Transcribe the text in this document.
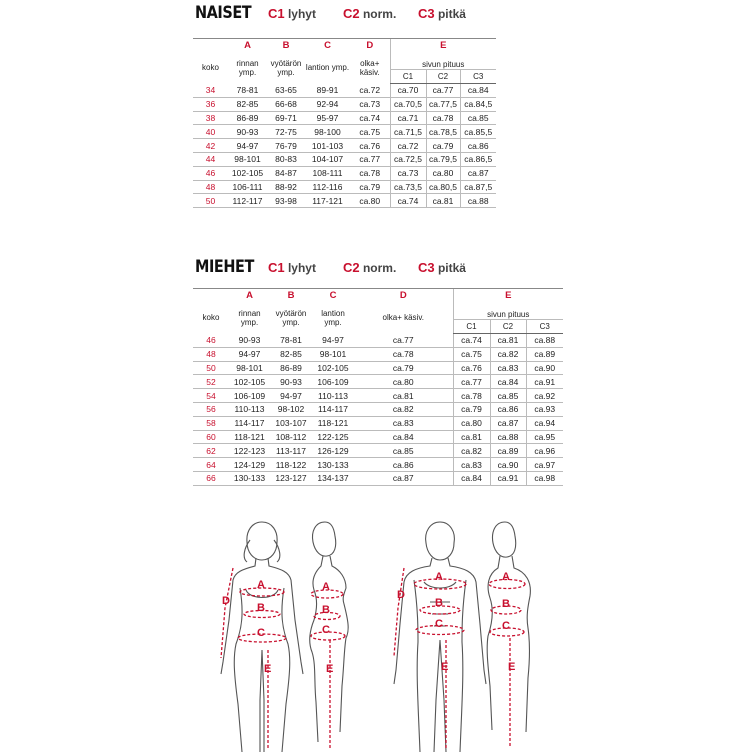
NAISET C1 lyhyt C2 norm. C3 pitkä
	A	B	C	D	E		
koko	rinnan ymp.	vyötärön ymp.	lantion ymp.	olka+ käsiv.	sivun pituus		
					C1	C2	C3
34	78-81	63-65	89-91	ca.72	ca.70	ca.77	ca.84
36	82-85	66-68	92-94	ca.73	ca.70,5	ca.77,5	ca.84,5
38	86-89	69-71	95-97	ca.74	ca.71	ca.78	ca.85
40	90-93	72-75	98-100	ca.75	ca.71,5	ca.78,5	ca.85,5
42	94-97	76-79	101-103	ca.76	ca.72	ca.79	ca.86
44	98-101	80-83	104-107	ca.77	ca.72,5	ca.79,5	ca.86,5
46	102-105	84-87	108-111	ca.78	ca.73	ca.80	ca.87
48	106-111	88-92	112-116	ca.79	ca.73,5	ca.80,5	ca.87,5
50	112-117	93-98	117-121	ca.80	ca.74	ca.81	ca.88
MIEHET C1 lyhyt C2 norm. C3 pitkä
	A	B	C	D	E		
koko	rinnan ymp.	vyötärön ymp.	lantion ymp.	olka+ käsiv.	sivun pituus		
					C1	C2	C3
46	90-93	78-81	94-97	ca.77	ca.74	ca.81	ca.88
48	94-97	82-85	98-101	ca.78	ca.75	ca.82	ca.89
50	98-101	86-89	102-105	ca.79	ca.76	ca.83	ca.90
52	102-105	90-93	106-109	ca.80	ca.77	ca.84	ca.91
54	106-109	94-97	110-113	ca.81	ca.78	ca.85	ca.92
56	110-113	98-102	114-117	ca.82	ca.79	ca.86	ca.93
58	114-117	103-107	118-121	ca.83	ca.80	ca.87	ca.94
60	118-121	108-112	122-125	ca.84	ca.81	ca.88	ca.95
62	122-123	113-117	126-129	ca.85	ca.82	ca.89	ca.96
64	124-129	118-122	130-133	ca.86	ca.83	ca.90	ca.97
66	130-133	123-127	134-137	ca.87	ca.84	ca.91	ca.98
A
B
C
D
E
A
B
C
E
A
B
C
D
E
A
B
C
E
